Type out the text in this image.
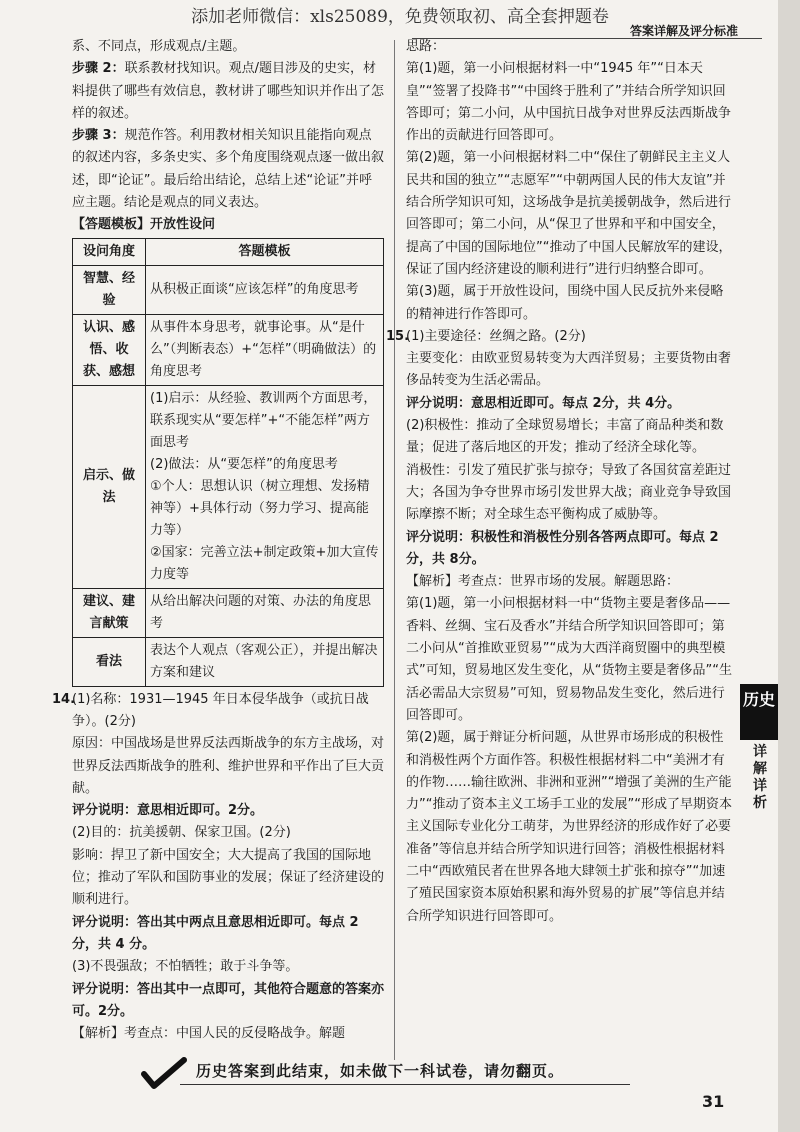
添加老师微信：xls25089，免费领取初、高全套押题卷
答案详解及评分标准

系、不同点，形成观点/主题。

步骤 2：联系教材找知识。观点/题目涉及的史实，材料提供了哪些有效信息，教材讲了哪些知识并作出了怎样的叙述。

步骤 3：规范作答。利用教材相关知识且能指向观点的叙述内容，多条史实、多个角度围绕观点逐一做出叙述，即“论证”。最后给出结论，总结上述“论证”并呼应主题。结论是观点的同义表达。

【答题模板】开放性设问

设问角度	答题模板
智慧、经验	从积极正面谈“应该怎样”的角度思考
认识、感悟、收获、感想	从事件本身思考，就事论事。从“是什么”（判断表态）+“怎样”（明确做法）的角度思考
启示、做法	(1)启示：从经验、教训两个方面思考，联系现实从“要怎样”+“不能怎样”两方面思考
(2)做法：从“要怎样”的角度思考
①个人：思想认识（树立理想、发扬精神等）+具体行动（努力学习、提高能力等）
②国家：完善立法+制定政策+加大宣传力度等

建议、建言献策	从给出解决问题的对策、办法的角度思考
看法	表达个人观点（客观公正），并提出解决方案和建议

14.(1)名称：1931—1945 年日本侵华战争（或抗日战争）。(2分)

原因：中国战场是世界反法西斯战争的东方主战场，对世界反法西斯战争的胜利、维护世界和平作出了巨大贡献。

评分说明：意思相近即可。2分。

(2)目的：抗美援朝、保家卫国。(2分)

影响：捍卫了新中国安全；大大提高了我国的国际地位；推动了军队和国防事业的发展；保证了经济建设的顺利进行。

评分说明：答出其中两点且意思相近即可。每点 2 分，共 4 分。

(3)不畏强敌；不怕牺牲；敢于斗争等。

评分说明：答出其中一点即可，其他符合题意的答案亦可。2分。

【解析】考查点：中国人民的反侵略战争。解题

思路：

第(1)题，第一小问根据材料一中“1945 年”“日本天皇”“签署了投降书”“中国终于胜利了”并结合所学知识回答即可；第二小问，从中国抗日战争对世界反法西斯战争作出的贡献进行回答即可。

第(2)题，第一小问根据材料二中“保住了朝鲜民主主义人民共和国的独立”“志愿军”“中朝两国人民的伟大友谊”并结合所学知识可知，这场战争是抗美援朝战争，然后进行回答即可；第二小问，从“保卫了世界和平和中国安全，提高了中国的国际地位”“推动了中国人民解放军的建设，保证了国内经济建设的顺利进行”进行归纳整合即可。

第(3)题，属于开放性设问，围绕中国人民反抗外来侵略的精神进行作答即可。

15.(1)主要途径：丝绸之路。(2分)

主要变化：由欧亚贸易转变为大西洋贸易；主要货物由奢侈品转变为生活必需品。

评分说明：意思相近即可。每点 2分，共 4分。

(2)积极性：推动了全球贸易增长；丰富了商品种类和数量；促进了落后地区的开发；推动了经济全球化等。

消极性：引发了殖民扩张与掠夺；导致了各国贫富差距过大；各国为争夺世界市场引发世界大战；商业竞争导致国际摩擦不断；对全球生态平衡构成了威胁等。

评分说明：积极性和消极性分别各答两点即可。每点 2分，共 8分。

【解析】考查点：世界市场的发展。解题思路：

第(1)题，第一小问根据材料一中“货物主要是奢侈品——香料、丝绸、宝石及香水”并结合所学知识回答即可；第二小问从“首推欧亚贸易”“成为大西洋商贸圈中的典型模式”可知，贸易地区发生变化，从“货物主要是奢侈品”“生活必需品大宗贸易”可知，贸易物品发生变化，然后进行回答即可。

第(2)题，属于辩证分析问题，从世界市场形成的积极性和消极性两个方面作答。积极性根据材料二中“美洲才有的作物……输往欧洲、非洲和亚洲”“增强了美洲的生产能力”“推动了资本主义工场手工业的发展”“形成了早期资本主义国际专业化分工萌芽，为世界经济的形成作好了必要准备”等信息并结合所学知识进行回答；消极性根据材料二中“西欧殖民者在世界各地大肆领土扩张和掠夺”“加速了殖民国家资本原始积累和海外贸易的扩展”等信息并结合所学知识进行回答即可。

历史
详解详析
历史答案到此结束，如未做下一科试卷，请勿翻页。
31
